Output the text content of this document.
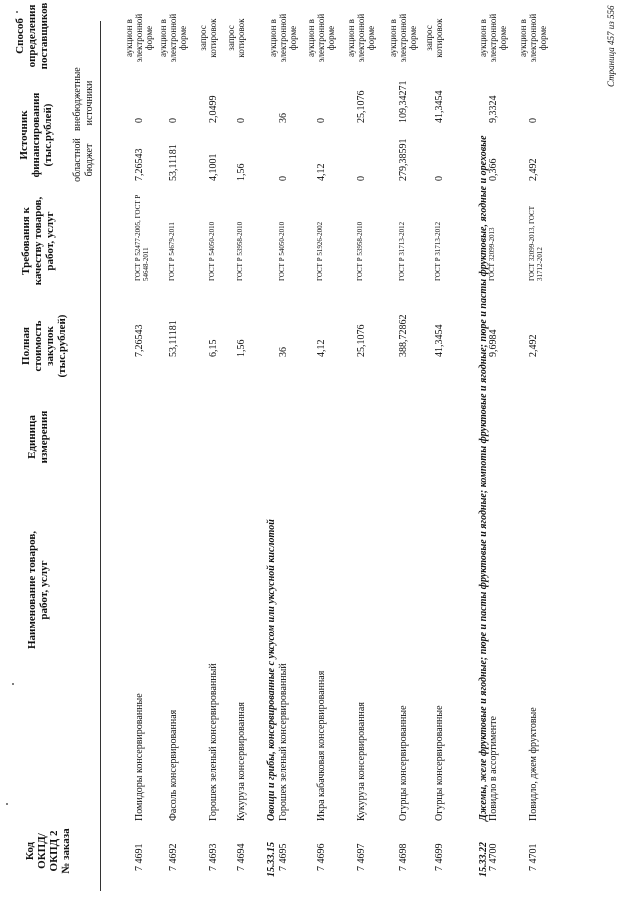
Код ОКПД/ ОКПД 2 № заказа
Наименование товаров, работ, услуг
Единица измерения
Полная стоимость закупок (тыс.рублей)
Требования к качеству товаров, работ, услуг
Источник финансирования (тыс.рублей) областной бюджет
внебюджетные источники
Способ определения поставщиков
15.33.15
Овощи и грибы, консервированные с уксусом или уксусной кислотой
15.33.22
Джемы, желе фруктовые и ягодные; пюре и пасты фруктовые и ягодные; компоты фруктовые и ягодные; пюре и пасты фруктовые, ягодные и ореховые
7 4691
Помидоры консервированные
7,26543
ГОСТ Р 52477-2005, ГОСТ Р 54648-2011
7,26543
0
аукцион в электронной форме
7 4692
Фасоль консервированная
53,11181
ГОСТ Р 54679-2011
53,11181
0
аукцион в электронной форме
7 4693
Горошек зеленый консервированный
6,15
ГОСТ Р 54050-2010
4,1001
2,0499
запрос котировок
7 4694
Кукуруза консервированная
1,56
ГОСТ Р 53958-2010
1,56
0
запрос котировок
7 4695
Горошек зеленый консервированный
36
ГОСТ Р 54050-2010
0
36
аукцион в электронной форме
7 4696
Икра кабачковая консервированная
4,12
ГОСТ Р 51926-2002
4,12
0
аукцион в электронной форме
7 4697
Кукуруза консервированная
25,1076
ГОСТ Р 53958-2010
0
25,1076
аукцион в электронной форме
7 4698
Огурцы консервированные
388,72862
ГОСТ Р 31713-2012
279,38591
109,34271
аукцион в электронной форме
7 4699
Огурцы консервированные
41,3454
ГОСТ Р 31713-2012
0
41,3454
запрос котировок
7 4700
Повидло в ассортименте
9,6984
ГОСТ 32099-2013
0,366
9,3324
аукцион в электронной форме
7 4701
Повидло, джем фруктовые
2,492
ГОСТ 32099-2013, ГОСТ 31712-2012
2,492
0
аукцион в электронной форме	Страница 457 из 556
